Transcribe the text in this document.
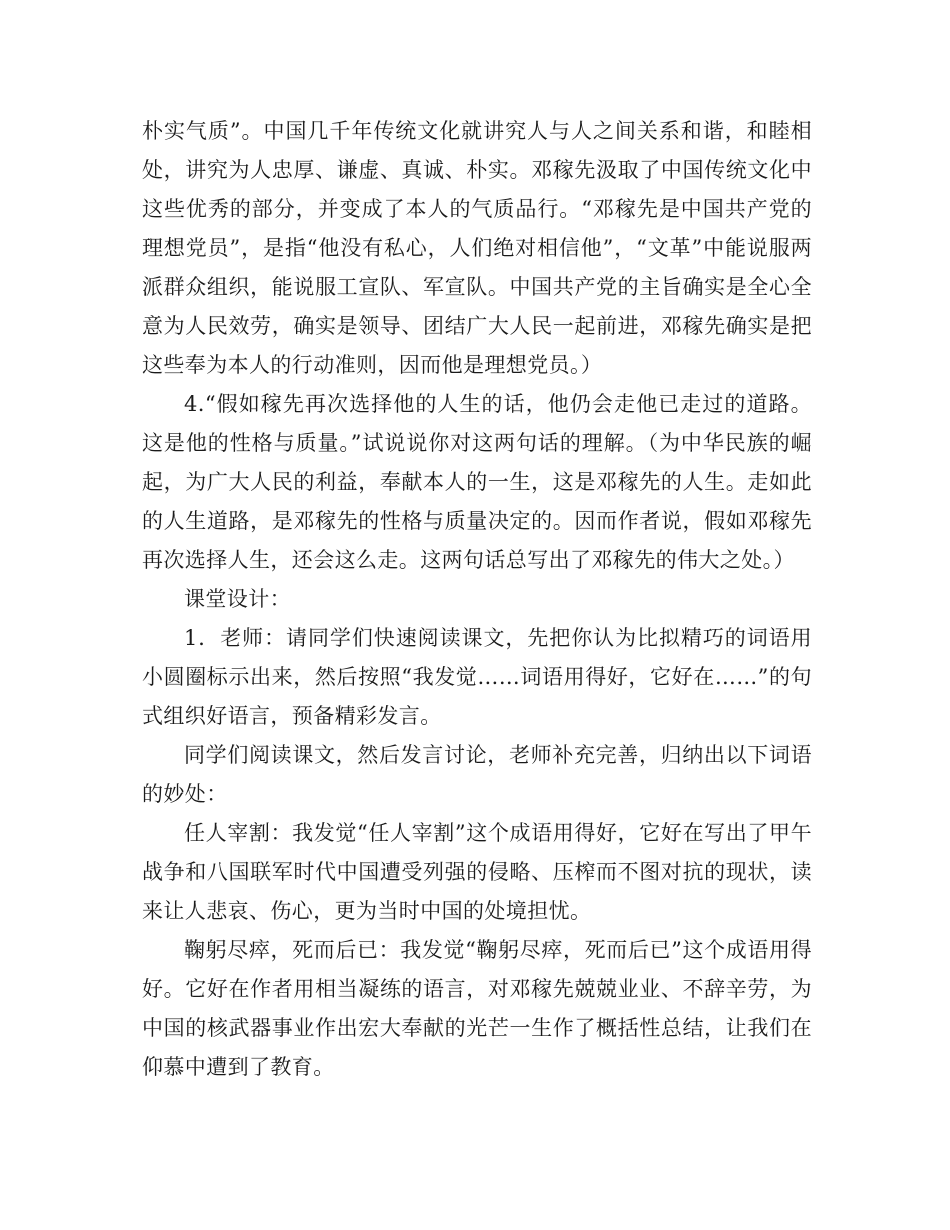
朴实气质”。中国几千年传统文化就讲究人与人之间关系和谐，和睦相处，讲究为人忠厚、谦虚、真诚、朴实。邓稼先汲取了中国传统文化中这些优秀的部分，并变成了本人的气质品行。“邓稼先是中国共产党的理想党员”，是指“他没有私心，人们绝对相信他”，“文革”中能说服两派群众组织，能说服工宣队、军宣队。中国共产党的主旨确实是全心全意为人民效劳，确实是领导、团结广大人民一起前进，邓稼先确实是把这些奉为本人的行动准则，因而他是理想党员。）

4.“假如稼先再次选择他的人生的话，他仍会走他已走过的道路。这是他的性格与质量。”试说说你对这两句话的理解。（为中华民族的崛起，为广大人民的利益，奉献本人的一生，这是邓稼先的人生。走如此的人生道路，是邓稼先的性格与质量决定的。因而作者说，假如邓稼先再次选择人生，还会这么走。这两句话总写出了邓稼先的伟大之处。）

课堂设计：

1．老师：请同学们快速阅读课文，先把你认为比拟精巧的词语用小圆圈标示出来，然后按照“我发觉……词语用得好，它好在……”的句式组织好语言，预备精彩发言。

同学们阅读课文，然后发言讨论，老师补充完善，归纳出以下词语的妙处：

任人宰割：我发觉“任人宰割”这个成语用得好，它好在写出了甲午战争和八国联军时代中国遭受列强的侵略、压榨而不图对抗的现状，读来让人悲哀、伤心，更为当时中国的处境担忧。

鞠躬尽瘁，死而后已：我发觉“鞠躬尽瘁，死而后已”这个成语用得好。它好在作者用相当凝练的语言，对邓稼先兢兢业业、不辞辛劳，为中国的核武器事业作出宏大奉献的光芒一生作了概括性总结，让我们在仰慕中遭到了教育。
